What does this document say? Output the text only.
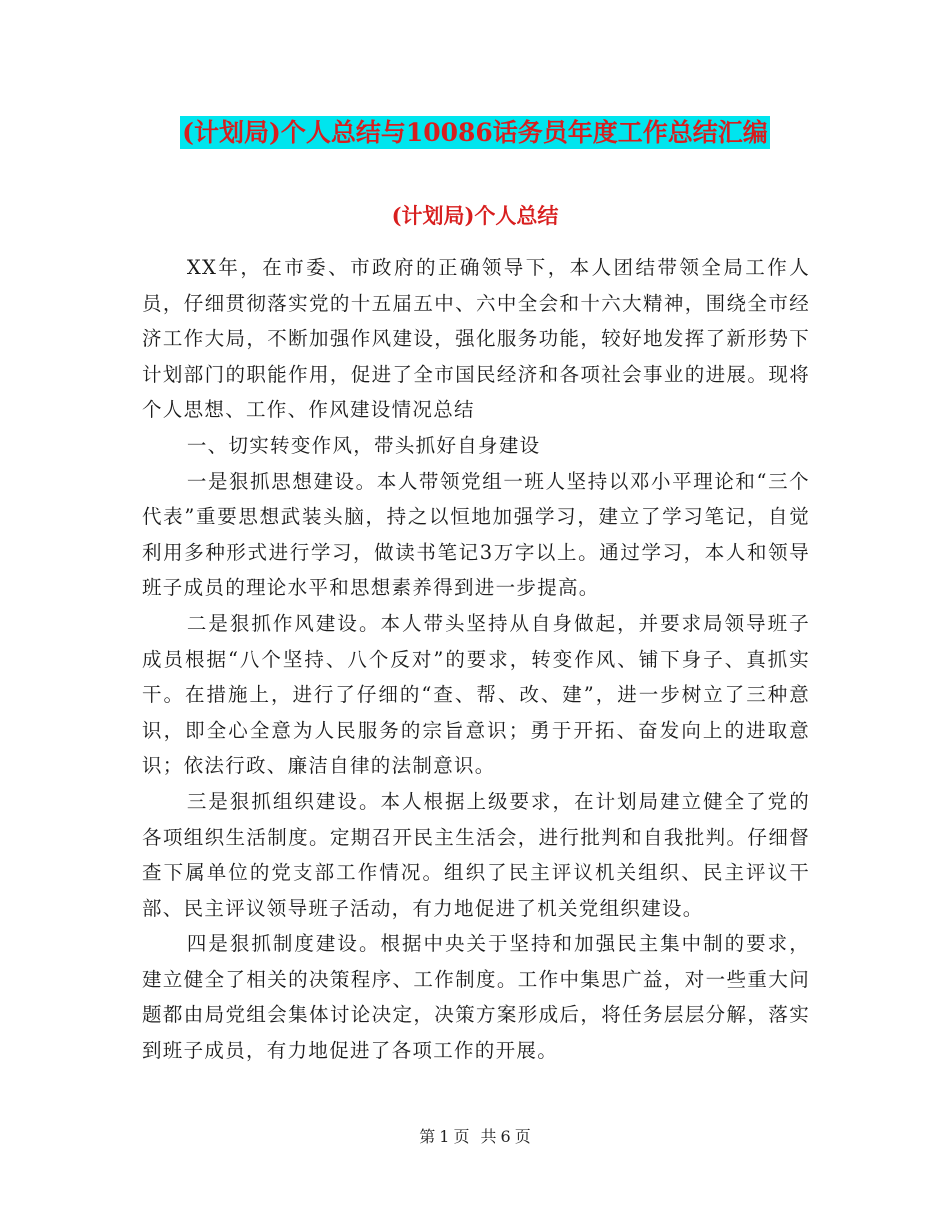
(计划局)个人总结与10086话务员年度工作总结汇编
(计划局)个人总结

XX年，在市委、市政府的正确领导下，本人团结带领全局工作人员，仔细贯彻落实党的十五届五中、六中全会和十六大精神，围绕全市经济工作大局，不断加强作风建设，强化服务功能，较好地发挥了新形势下计划部门的职能作用，促进了全市国民经济和各项社会事业的进展。现将个人思想、工作、作风建设情况总结

一、切实转变作风，带头抓好自身建设

一是狠抓思想建设。本人带领党组一班人坚持以邓小平理论和“三个代表”重要思想武装头脑，持之以恒地加强学习，建立了学习笔记，自觉利用多种形式进行学习，做读书笔记3万字以上。通过学习，本人和领导班子成员的理论水平和思想素养得到进一步提高。

二是狠抓作风建设。本人带头坚持从自身做起，并要求局领导班子成员根据“八个坚持、八个反对”的要求，转变作风、铺下身子、真抓实干。在措施上，进行了仔细的“查、帮、改、建”，进一步树立了三种意识，即全心全意为人民服务的宗旨意识；勇于开拓、奋发向上的进取意识；依法行政、廉洁自律的法制意识。

三是狠抓组织建设。本人根据上级要求，在计划局建立健全了党的各项组织生活制度。定期召开民主生活会，进行批判和自我批判。仔细督查下属单位的党支部工作情况。组织了民主评议机关组织、民主评议干部、民主评议领导班子活动，有力地促进了机关党组织建设。

四是狠抓制度建设。根据中央关于坚持和加强民主集中制的要求，建立健全了相关的决策程序、工作制度。工作中集思广益，对一些重大问题都由局党组会集体讨论决定，决策方案形成后，将任务层层分解，落实到班子成员，有力地促进了各项工作的开展。

第 1 页 共 6 页
